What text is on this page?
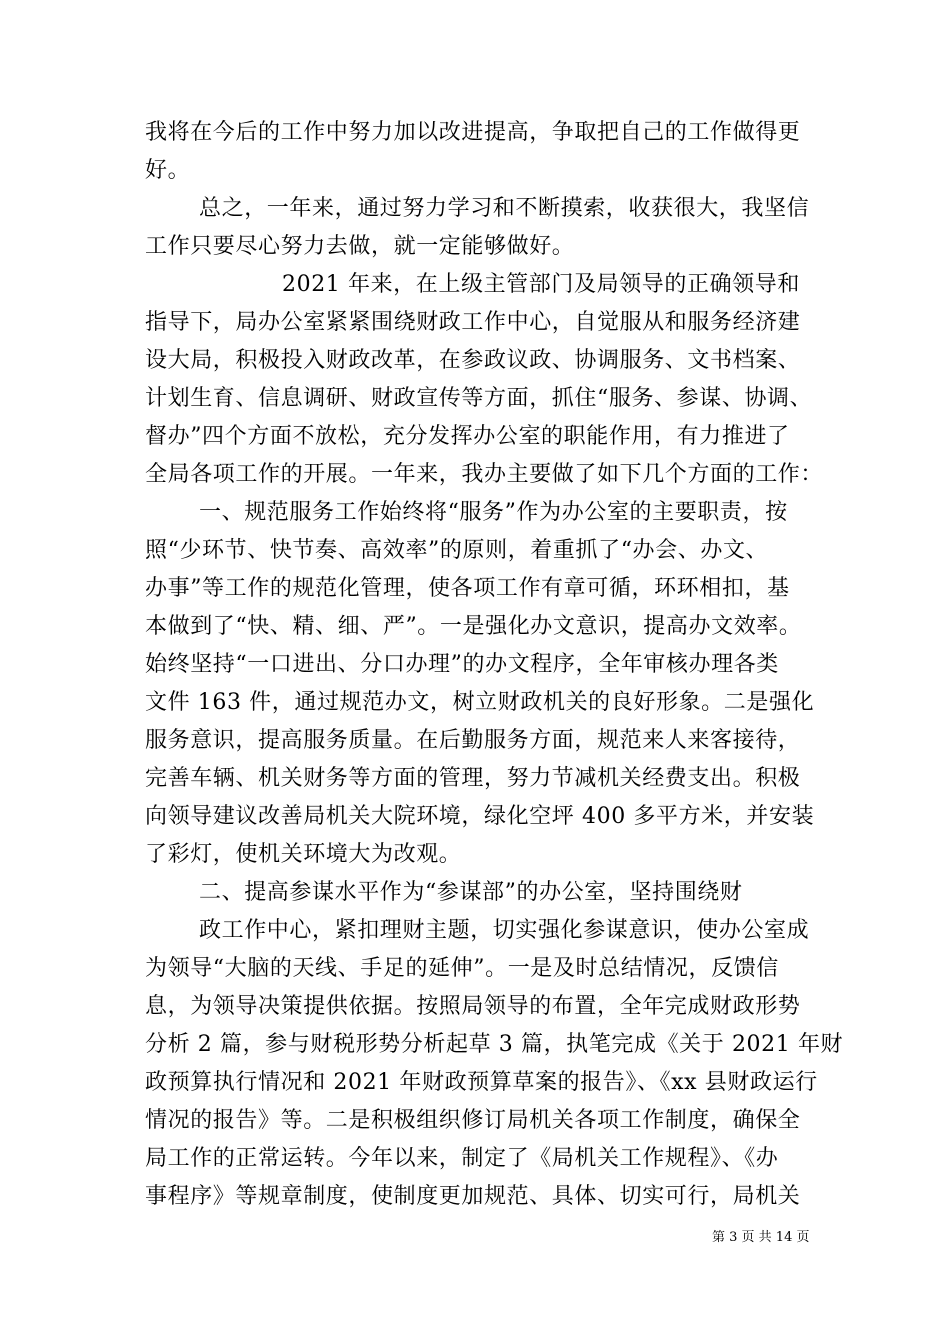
我将在今后的工作中努力加以改进提高，争取把自己的工作做得更
好。
总之，一年来，通过努力学习和不断摸索，收获很大，我坚信
工作只要尽心努力去做，就一定能够做好。
2021 年来，在上级主管部门及局领导的正确领导和
指导下，局办公室紧紧围绕财政工作中心，自觉服从和服务经济建
设大局，积极投入财政改革，在参政议政、协调服务、文书档案、
计划生育、信息调研、财政宣传等方面，抓住“服务、参谋、协调、
督办”四个方面不放松，充分发挥办公室的职能作用，有力推进了
全局各项工作的开展。一年来，我办主要做了如下几个方面的工作：
一、规范服务工作始终将“服务”作为办公室的主要职责，按
照“少环节、快节奏、高效率”的原则，着重抓了“办会、办文、
办事”等工作的规范化管理，使各项工作有章可循，环环相扣，基
本做到了“快、精、细、严”。一是强化办文意识，提高办文效率。
始终坚持“一口进出、分口办理”的办文程序，全年审核办理各类
文件 163 件，通过规范办文，树立财政机关的良好形象。二是强化
服务意识，提高服务质量。在后勤服务方面，规范来人来客接待，
完善车辆、机关财务等方面的管理，努力节减机关经费支出。积极
向领导建议改善局机关大院环境，绿化空坪 400 多平方米，并安装
了彩灯，使机关环境大为改观。
二、提高参谋水平作为“参谋部”的办公室，坚持围绕财
政工作中心，紧扣理财主题，切实强化参谋意识，使办公室成
为领导“大脑的天线、手足的延伸”。一是及时总结情况，反馈信
息，为领导决策提供依据。按照局领导的布置，全年完成财政形势
分析 2 篇，参与财税形势分析起草 3 篇，执笔完成《关于 2021 年财
政预算执行情况和 2021 年财政预算草案的报告》、《xx 县财政运行
情况的报告》等。二是积极组织修订局机关各项工作制度，确保全
局工作的正常运转。今年以来，制定了《局机关工作规程》、《办
事程序》等规章制度，使制度更加规范、具体、切实可行，局机关
第 3 页 共 14 页
